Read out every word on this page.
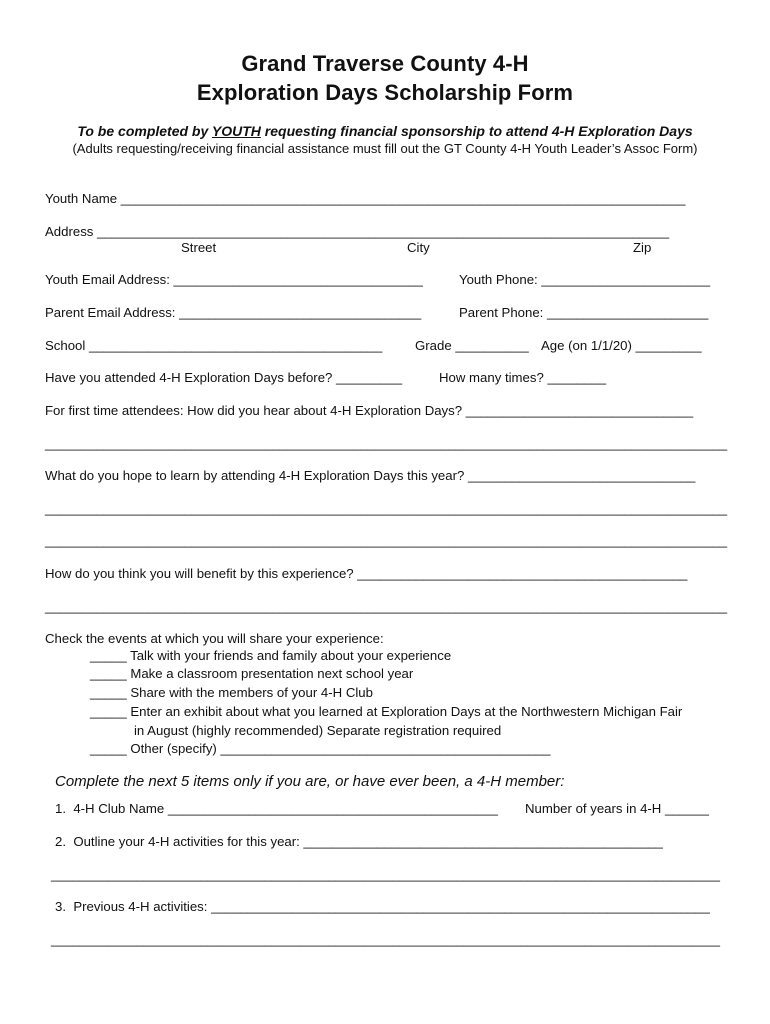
Grand Traverse County 4-H
Exploration Days Scholarship Form
To be completed by YOUTH requesting financial sponsorship to attend 4-H Exploration Days
(Adults requesting/receiving financial assistance must fill out the GT County 4-H Youth Leader’s Assoc Form)
Youth Name _____________________________________________________________________________
Address ______________________________________________________________________________
Street	City	Zip
Youth Email Address: __________________________________	Youth Phone: _______________________
Parent Email Address: _________________________________	Parent Phone: ______________________
School ________________________________________ Grade __________ Age (on 1/1/20) _________
Have you attended 4-H Exploration Days before? _________	How many times? ________
For first time attendees: How did you hear about 4-H Exploration Days? _______________________________
_____________________________________________________________________________________________
What do you hope to learn by attending 4-H Exploration Days this year? _______________________________
_____________________________________________________________________________________________
_____________________________________________________________________________________________
How do you think you will benefit by this experience? _____________________________________________
_____________________________________________________________________________________________
Check the events at which you will share your experience:
_____ Talk with your friends and family about your experience
_____ Make a classroom presentation next school year
_____ Share with the members of your 4-H Club
_____ Enter an exhibit about what you learned at Exploration Days at the Northwestern Michigan Fair
in August (highly recommended) Separate registration required
_____ Other (specify) _____________________________________________
Complete the next 5 items only if you are, or have ever been, a 4-H member:
1.  4-H Club Name _____________________________________________ Number of years in 4-H ______
2.  Outline your 4-H activities for this year: _________________________________________________
______________________________________________________________________________________________
3.  Previous 4-H activities: ____________________________________________________________________
______________________________________________________________________________________________
